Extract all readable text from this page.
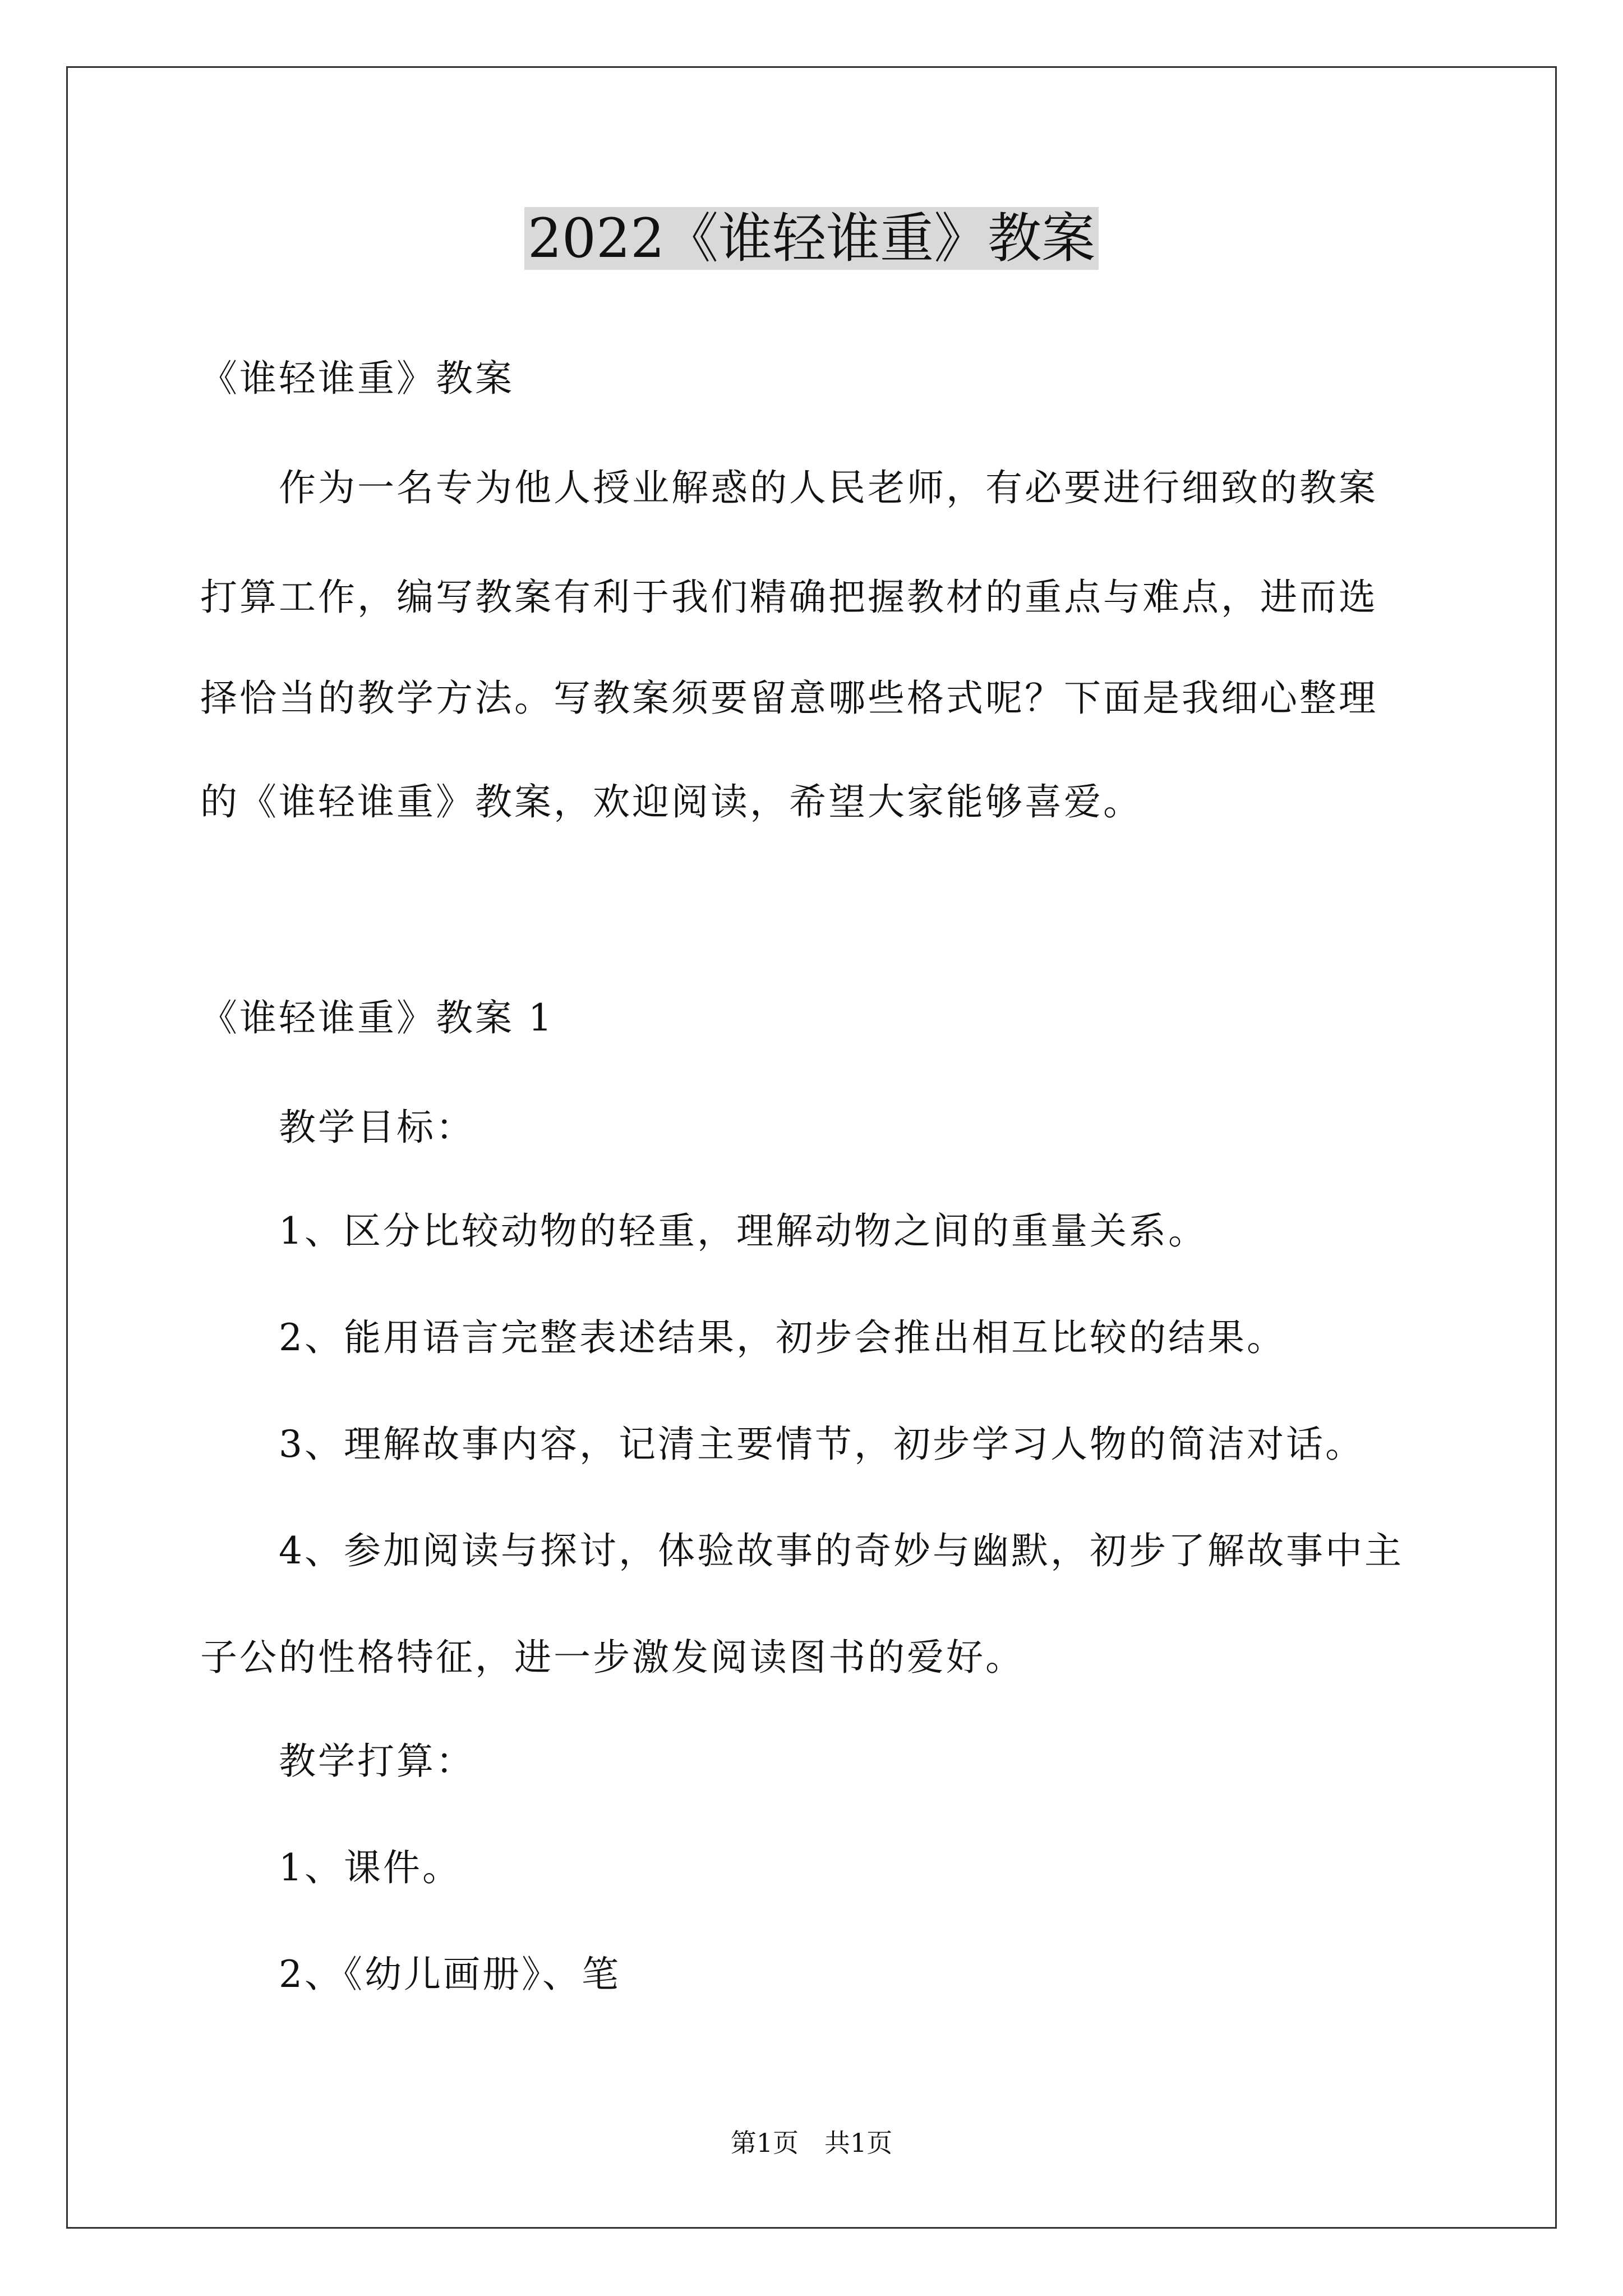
2022《谁轻谁重》教案
《谁轻谁重》教案
作为一名专为他人授业解惑的人民老师，有必要进行细致的教案
打算工作，编写教案有利于我们精确把握教材的重点与难点，进而选
择恰当的教学方法。写教案须要留意哪些格式呢？下面是我细心整理
的《谁轻谁重》教案，欢迎阅读，希望大家能够喜爱。
《谁轻谁重》教案 1
教学目标：
1、区分比较动物的轻重，理解动物之间的重量关系。
2、能用语言完整表述结果，初步会推出相互比较的结果。
3、理解故事内容，记清主要情节，初步学习人物的简洁对话。
4、参加阅读与探讨，体验故事的奇妙与幽默，初步了解故事中主
子公的性格特征，进一步激发阅读图书的爱好。
教学打算：
1、课件。
2、《幼儿画册》、笔
第1页　共1页
